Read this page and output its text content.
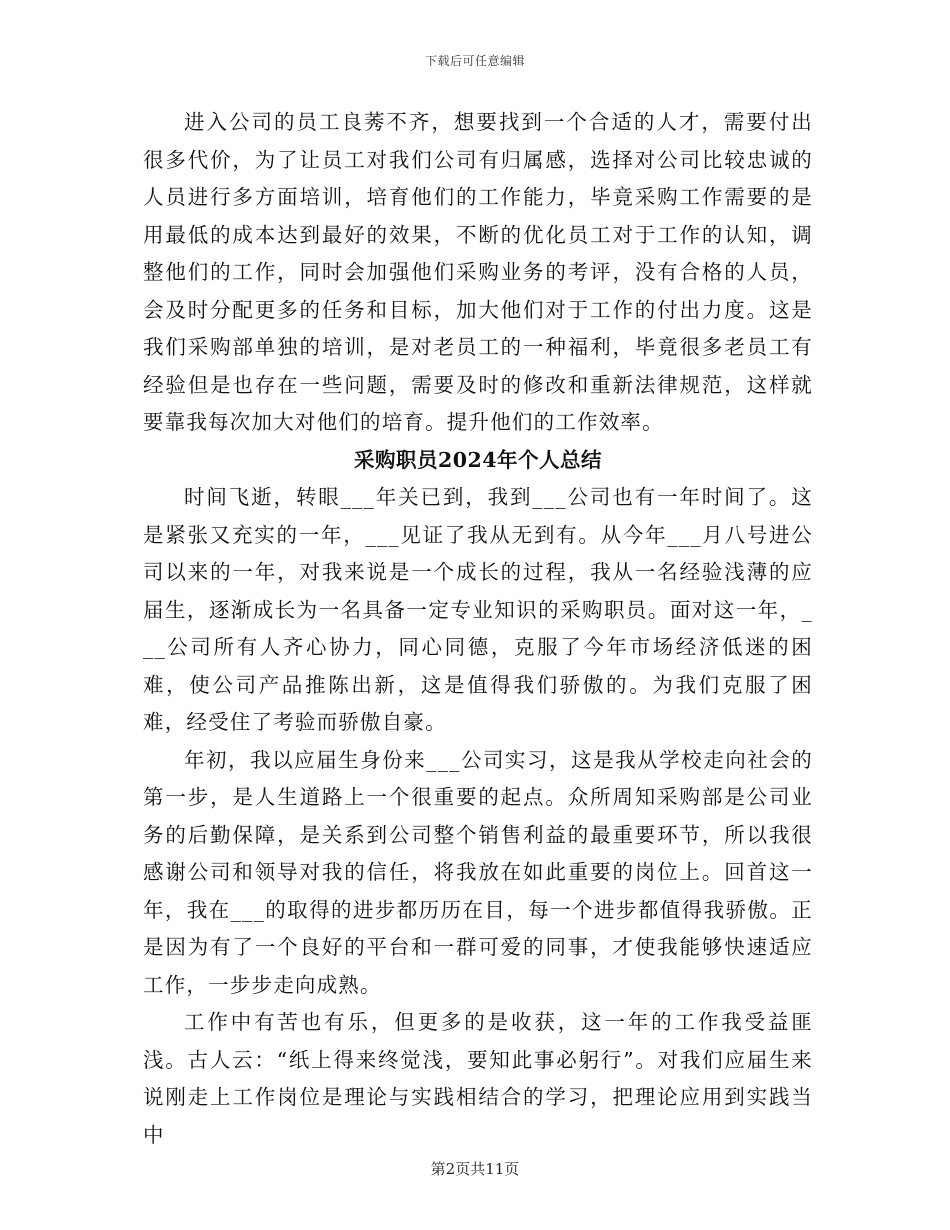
下载后可任意编辑

进入公司的员工良莠不齐，想要找到一个合适的人才，需要付出很多代价，为了让员工对我们公司有归属感，选择对公司比较忠诚的人员进行多方面培训，培育他们的工作能力，毕竟采购工作需要的是用最低的成本达到最好的效果，不断的优化员工对于工作的认知，调整他们的工作，同时会加强他们采购业务的考评，没有合格的人员，会及时分配更多的任务和目标，加大他们对于工作的付出力度。这是我们采购部单独的培训，是对老员工的一种福利，毕竟很多老员工有经验但是也存在一些问题，需要及时的修改和重新法律规范，这样就要靠我每次加大对他们的培育。提升他们的工作效率。

采购职员2024年个人总结

时间飞逝，转眼___年关已到，我到___公司也有一年时间了。这是紧张又充实的一年，___见证了我从无到有。从今年___月八号进公司以来的一年，对我来说是一个成长的过程，我从一名经验浅薄的应届生，逐渐成长为一名具备一定专业知识的采购职员。面对这一年，___公司所有人齐心协力，同心同德，克服了今年市场经济低迷的困难，使公司产品推陈出新，这是值得我们骄傲的。为我们克服了困难，经受住了考验而骄傲自豪。

年初，我以应届生身份来___公司实习，这是我从学校走向社会的第一步，是人生道路上一个很重要的起点。众所周知采购部是公司业务的后勤保障，是关系到公司整个销售利益的最重要环节，所以我很感谢公司和领导对我的信任，将我放在如此重要的岗位上。回首这一年，我在___的取得的进步都历历在目，每一个进步都值得我骄傲。正是因为有了一个良好的平台和一群可爱的同事，才使我能够快速适应工作，一步步走向成熟。

工作中有苦也有乐，但更多的是收获，这一年的工作我受益匪浅。古人云：“纸上得来终觉浅，要知此事必躬行”。对我们应届生来说刚走上工作岗位是理论与实践相结合的学习，把理论应用到实践当中

第2页共11页
